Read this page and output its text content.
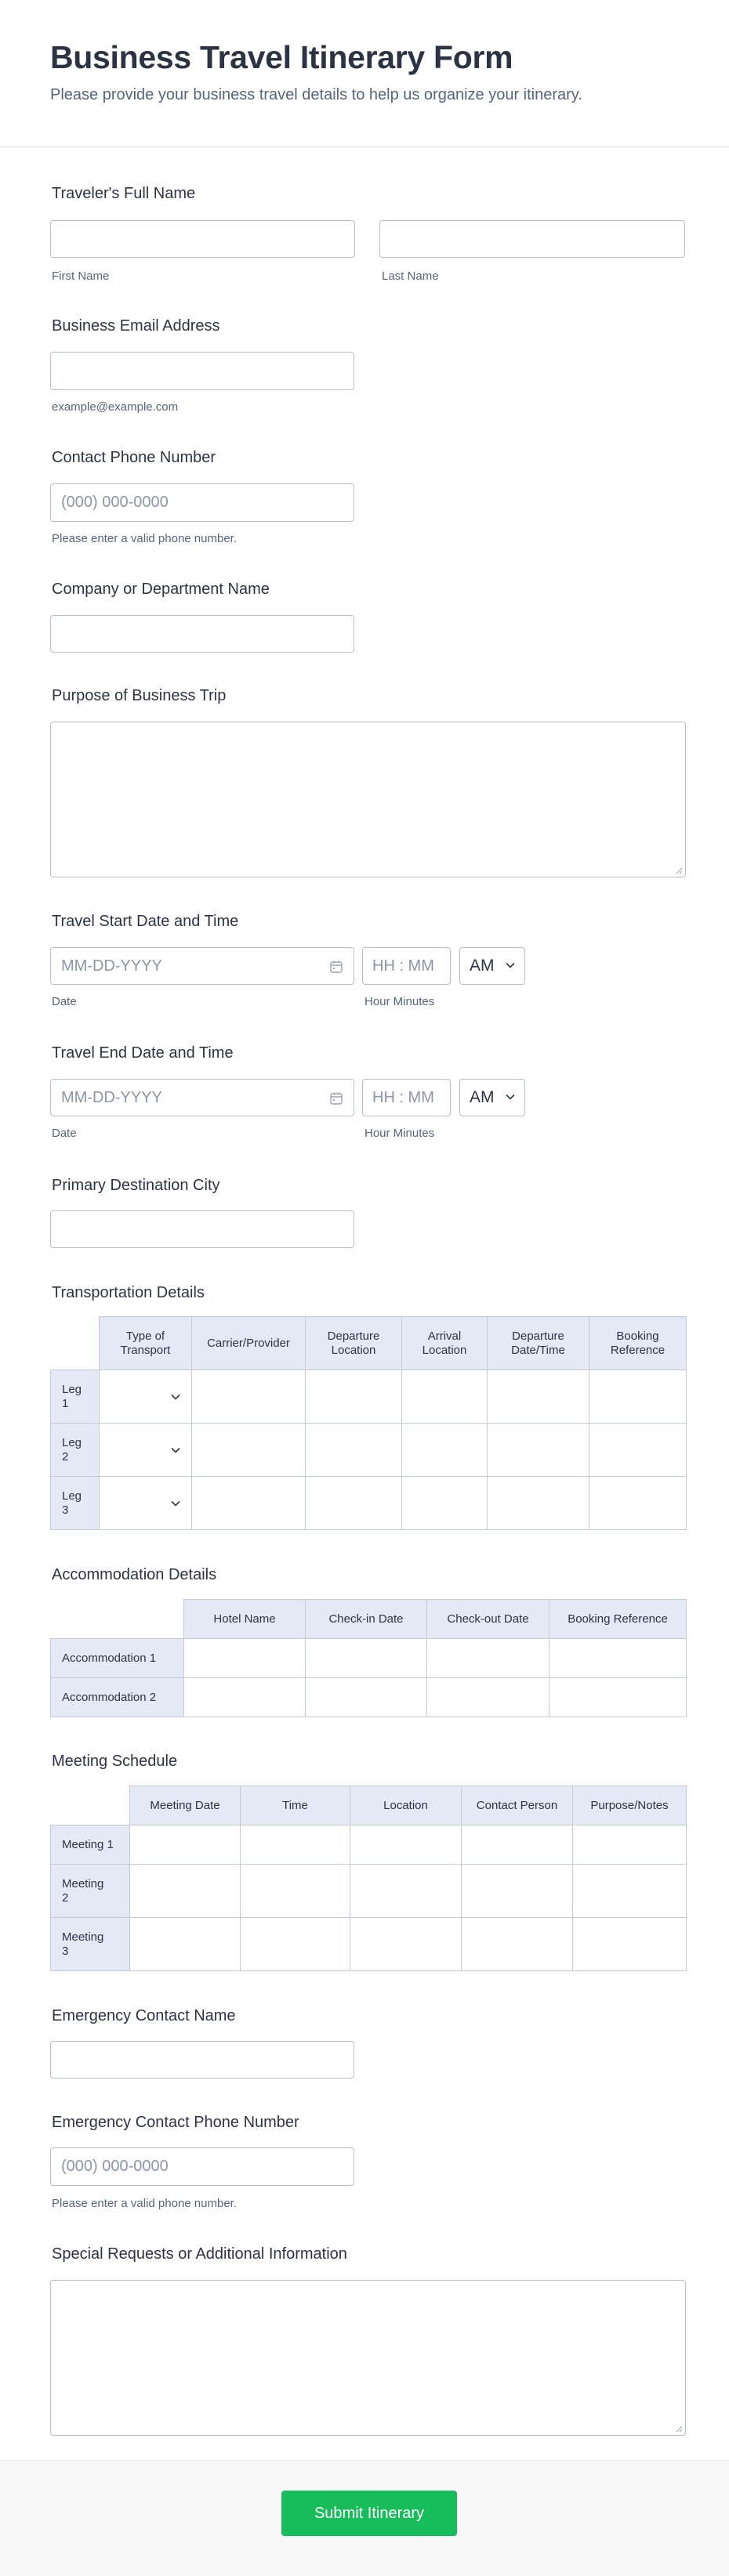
Business Travel Itinerary Form
Please provide your business travel details to help us organize your itinerary.
Traveler's Full Name
First Name	Last Name
Business Email Address
example@example.com
Contact Phone Number
(000) 000-0000
Please enter a valid phone number.
Company or Department Name
Purpose of Business Trip
Travel Start Date and Time
MM-DD-YYYY	HH : MM AM
Date	Hour Minutes
Travel End Date and Time
MM-DD-YYYY	HH : MM AM
Date	Hour Minutes
Primary Destination City
Transportation Details
	Type of Transport	Carrier/Provider	Departure Location	Arrival Location	Departure Date/Time	Booking Reference
Leg 1	

Leg 2	

Leg 3	

Accommodation Details
	Hotel Name	Check-in Date	Check-out Date	Booking Reference
Accommodation 1				
Accommodation 2				
Meeting Schedule
	Meeting Date	Time	Location	Contact Person	Purpose/Notes
Meeting 1					
Meeting 2					
Meeting 3					
Emergency Contact Name
Emergency Contact Phone Number
(000) 000-0000
Please enter a valid phone number.
Special Requests or Additional Information
Submit Itinerary
